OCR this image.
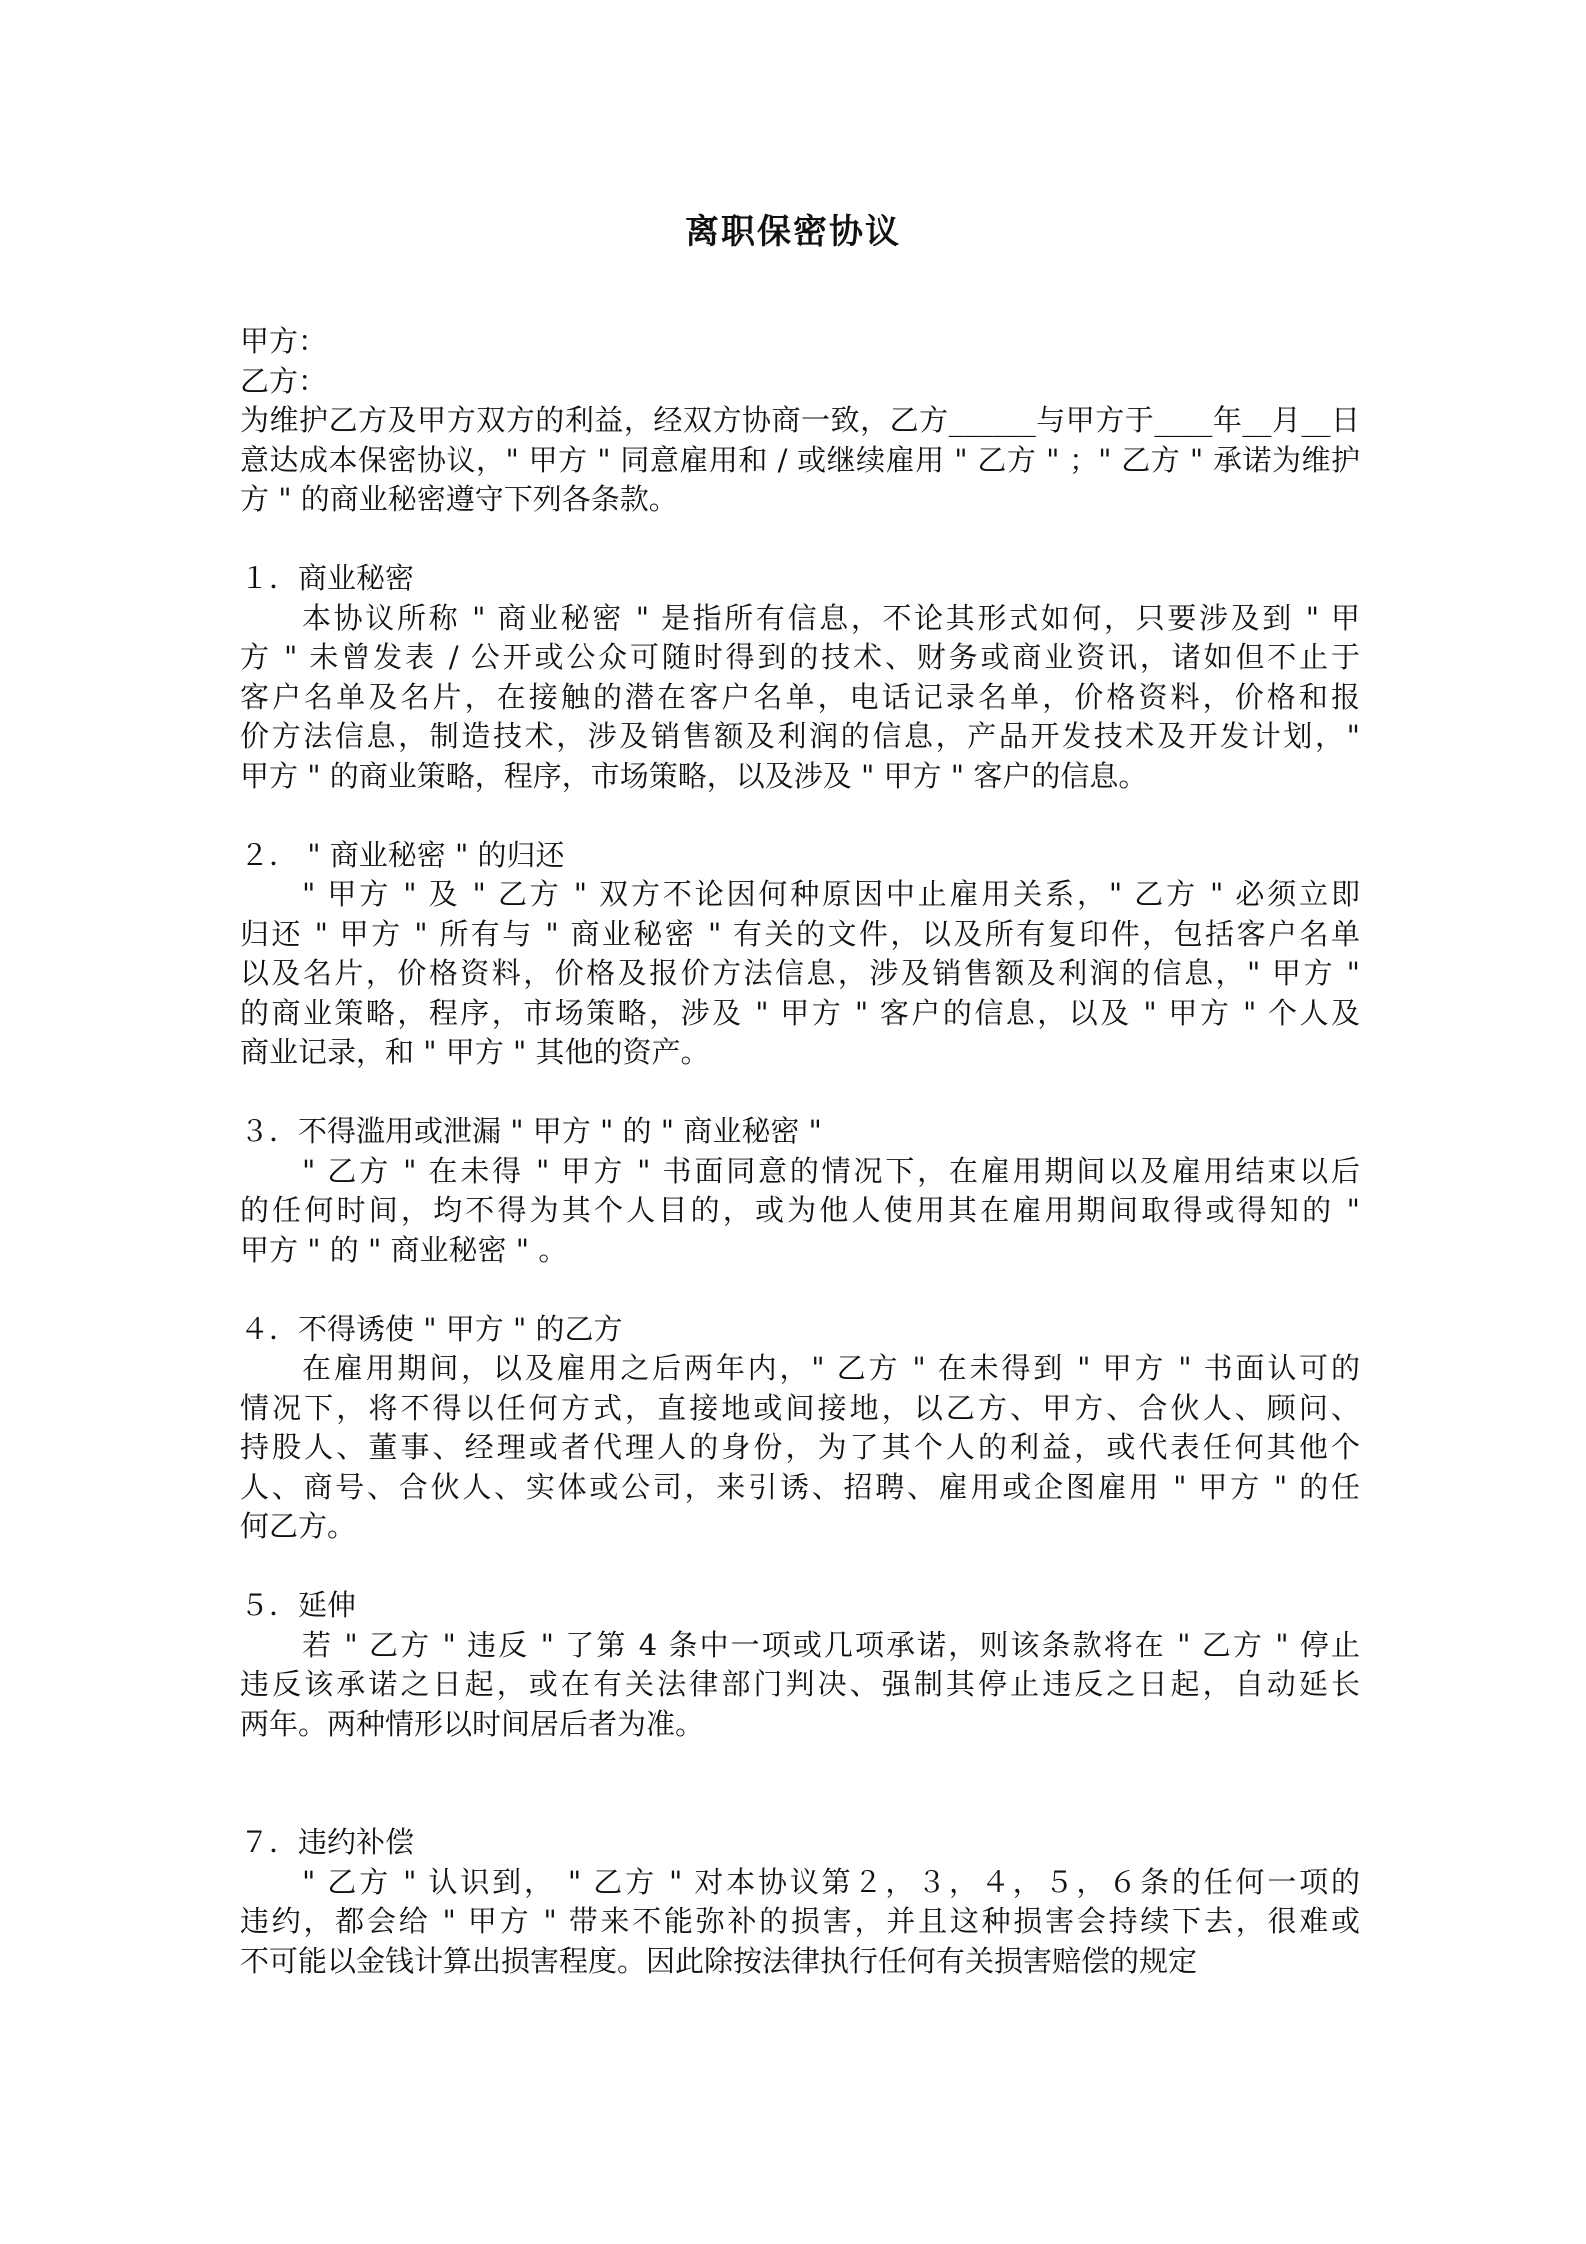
离职保密协议
甲方：
乙方：
为维护乙方及甲方双方的利益，经双方协商一致，乙方______与甲方于____年__月__日
意达成本保密协议，" 甲方 " 同意雇用和 / 或继续雇用 " 乙方 " ；" 乙方 " 承诺为维护
方 " 的商业秘密遵守下列各条款。
１．商业秘密
本协议所称 " 商业秘密 " 是指所有信息，不论其形式如何，只要涉及到 " 甲
方 " 未曾发表 / 公开或公众可随时得到的技术、财务或商业资讯，诸如但不止于
客户名单及名片，在接触的潜在客户名单，电话记录名单，价格资料，价格和报
价方法信息，制造技术，涉及销售额及利润的信息，产品开发技术及开发计划，"
甲方 " 的商业策略，程序，市场策略，以及涉及 " 甲方 " 客户的信息。
２． " 商业秘密 " 的归还
" 甲方 " 及 " 乙方 " 双方不论因何种原因中止雇用关系，" 乙方 " 必须立即
归还 " 甲方 " 所有与 " 商业秘密 " 有关的文件，以及所有复印件，包括客户名单
以及名片，价格资料，价格及报价方法信息，涉及销售额及利润的信息，" 甲方 "
的商业策略，程序，市场策略，涉及 " 甲方 " 客户的信息，以及 " 甲方 " 个人及
商业记录，和 " 甲方 " 其他的资产。
３．不得滥用或泄漏 " 甲方 " 的 " 商业秘密 "
" 乙方 " 在未得 " 甲方 " 书面同意的情况下，在雇用期间以及雇用结束以后
的任何时间，均不得为其个人目的，或为他人使用其在雇用期间取得或得知的 "
甲方 " 的 " 商业秘密 " 。
４．不得诱使 " 甲方 " 的乙方
在雇用期间，以及雇用之后两年内，" 乙方 " 在未得到 " 甲方 " 书面认可的
情况下，将不得以任何方式，直接地或间接地，以乙方、甲方、合伙人、顾问、
持股人、董事、经理或者代理人的身份，为了其个人的利益，或代表任何其他个
人、商号、合伙人、实体或公司，来引诱、招聘、雇用或企图雇用 " 甲方 " 的任
何乙方。
５．延伸
若 " 乙方 " 违反 " 了第 4 条中一项或几项承诺，则该条款将在 " 乙方 " 停止
违反该承诺之日起，或在有关法律部门判决、强制其停止违反之日起，自动延长
两年。两种情形以时间居后者为准。
７．违约补偿
" 乙方 " 认识到， " 乙方 " 对本协议第２，３，４，５，６条的任何一项的
违约，都会给 " 甲方 " 带来不能弥补的损害，并且这种损害会持续下去，很难或
不可能以金钱计算出损害程度。因此除按法律执行任何有关损害赔偿的规定
